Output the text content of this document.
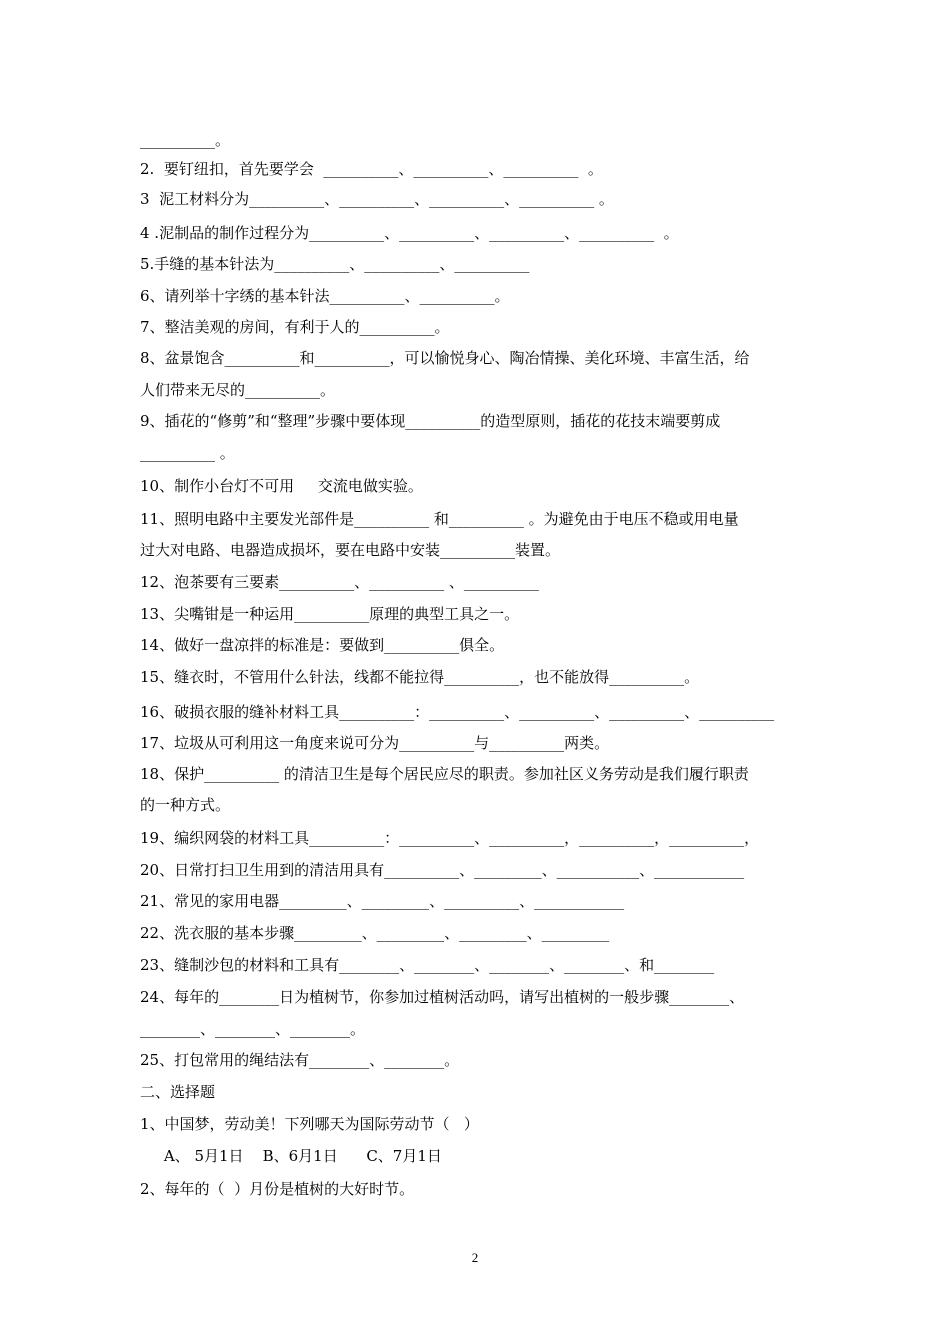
__________。
2.  要钉纽扣，首先要学会  __________、__________、__________  。
3  泥工材料分为__________、__________、__________、__________ 。
4 .泥制品的制作过程分为__________、__________、__________、__________  。
5.手缝的基本针法为__________、__________、__________
6、请列举十字绣的基本针法__________、__________。
7、整洁美观的房间，有利于人的__________。
8、盆景饱含__________和__________，可以愉悦身心、陶冶情操、美化环境、丰富生活，给
人们带来无尽的__________。
9、插花的“修剪”和“整理”步骤中要体现__________的造型原则，插花的花技末端要剪成
__________ 。
10、制作小台灯不可用     交流电做实验。
11、照明电路中主要发光部件是__________ 和__________ 。为避免由于电压不稳或用电量
过大对电路、电器造成损坏，要在电路中安装__________装置。
12、泡茶要有三要素__________、__________ 、__________
13、尖嘴钳是一种运用__________原理的典型工具之一。
14、做好一盘凉拌的标准是：要做到__________俱全。
15、缝衣时，不管用什么针法，线都不能拉得__________，也不能放得__________。
16、破损衣服的缝补材料工具__________：__________、__________、__________、__________
17、垃圾从可利用这一角度来说可分为__________与__________两类。
18、保护__________ 的清洁卫生是每个居民应尽的职责。参加社区义务劳动是我们履行职责
的一种方式。
19、编织网袋的材料工具__________：__________、__________，__________，__________，
20、日常打扫卫生用到的清洁用具有__________、_________、___________、____________
21、常见的家用电器_________、_________、__________、____________
22、洗衣服的基本步骤_________、_________、_________、_________
23、缝制沙包的材料和工具有________、________、________、________、和________
24、每年的________日为植树节，你参加过植树活动吗，请写出植树的一般步骤________、
________、________、________。
25、打包常用的绳结法有________、________。
二、选择题
1、中国梦，劳动美！下列哪天为国际劳动节（   ）
A、 5月1日    B、6月1日      C、7月1日
2、每年的（  ）月份是植树的大好时节。
2
